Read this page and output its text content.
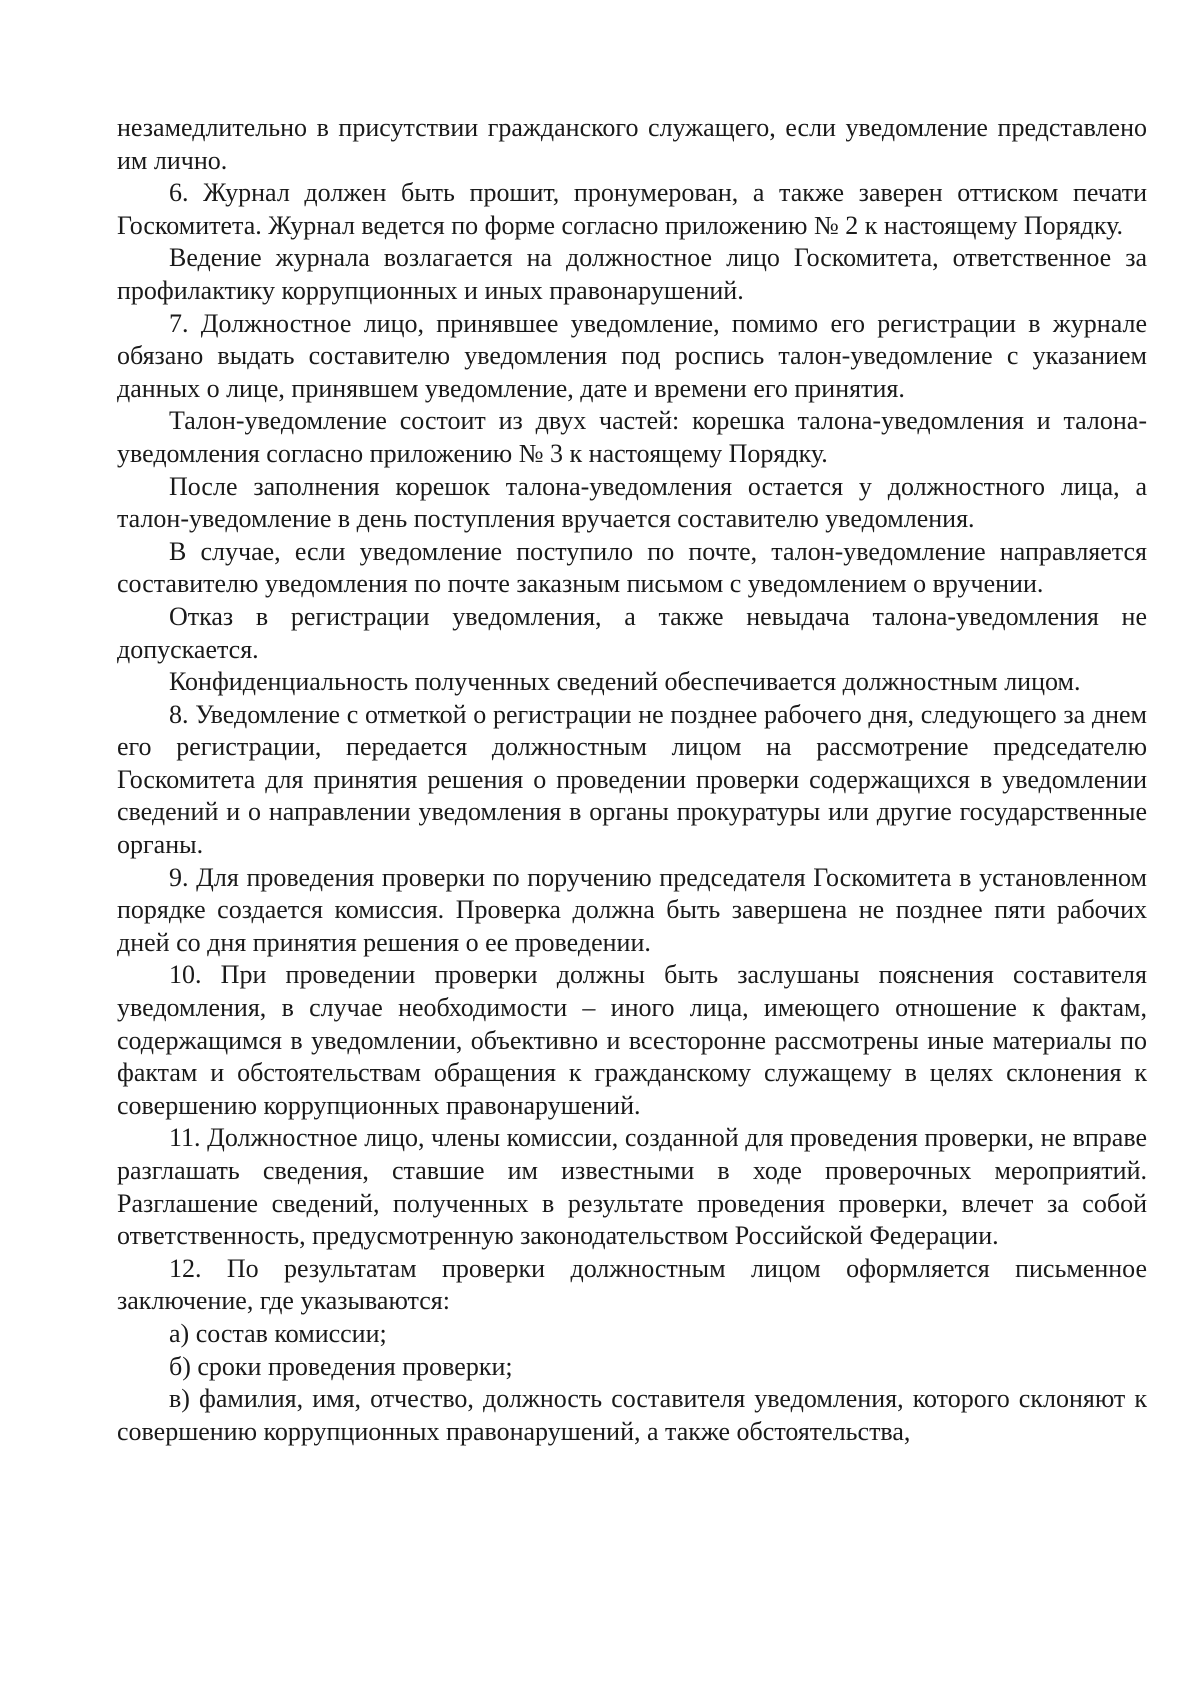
незамедлительно в присутствии гражданского служащего, если уведомление представлено им лично.

6. Журнал должен быть прошит, пронумерован, а также заверен оттиском печати Госкомитета. Журнал ведется по форме согласно приложению № 2 к настоящему Порядку.

Ведение журнала возлагается на должностное лицо Госкомитета, ответственное за профилактику коррупционных и иных правонарушений.

7. Должностное лицо, принявшее уведомление, помимо его регистрации в журнале обязано выдать составителю уведомления под роспись талон-уведомление с указанием данных о лице, принявшем уведомление, дате и времени его принятия.

Талон-уведомление состоит из двух частей: корешка талона-уведомления и талона-уведомления согласно приложению № 3 к настоящему Порядку.

После заполнения корешок талона-уведомления остается у должностного лица, а талон-уведомление в день поступления вручается составителю уведомления.

В случае, если уведомление поступило по почте, талон-уведомление направляется составителю уведомления по почте заказным письмом с уведомлением о вручении.

Отказ в регистрации уведомления, а также невыдача талона-уведомления не допускается.

Конфиденциальность полученных сведений обеспечивается должностным лицом.

8. Уведомление с отметкой о регистрации не позднее рабочего дня, следующего за днем его регистрации, передается должностным лицом на рассмотрение председателю Госкомитета для принятия решения о проведении проверки содержащихся в уведомлении сведений и о направлении уведомления в органы прокуратуры или другие государственные органы.

9. Для проведения проверки по поручению председателя Госкомитета в установленном порядке создается комиссия. Проверка должна быть завершена не позднее пяти рабочих дней со дня принятия решения о ее проведении.

10. При проведении проверки должны быть заслушаны пояснения составителя уведомления, в случае необходимости – иного лица, имеющего отношение к фактам, содержащимся в уведомлении, объективно и всесторонне рассмотрены иные материалы по фактам и обстоятельствам обращения к гражданскому служащему в целях склонения к совершению коррупционных правонарушений.

11. Должностное лицо, члены комиссии, созданной для проведения проверки, не вправе разглашать сведения, ставшие им известными в ходе проверочных мероприятий. Разглашение сведений, полученных в результате проведения проверки, влечет за собой ответственность, предусмотренную законодательством Российской Федерации.

12. По результатам проверки должностным лицом оформляется письменное заключение, где указываются:

а) состав комиссии;

б) сроки проведения проверки;

в) фамилия, имя, отчество, должность составителя уведомления, которого склоняют к совершению коррупционных правонарушений, а также обстоятельства,
